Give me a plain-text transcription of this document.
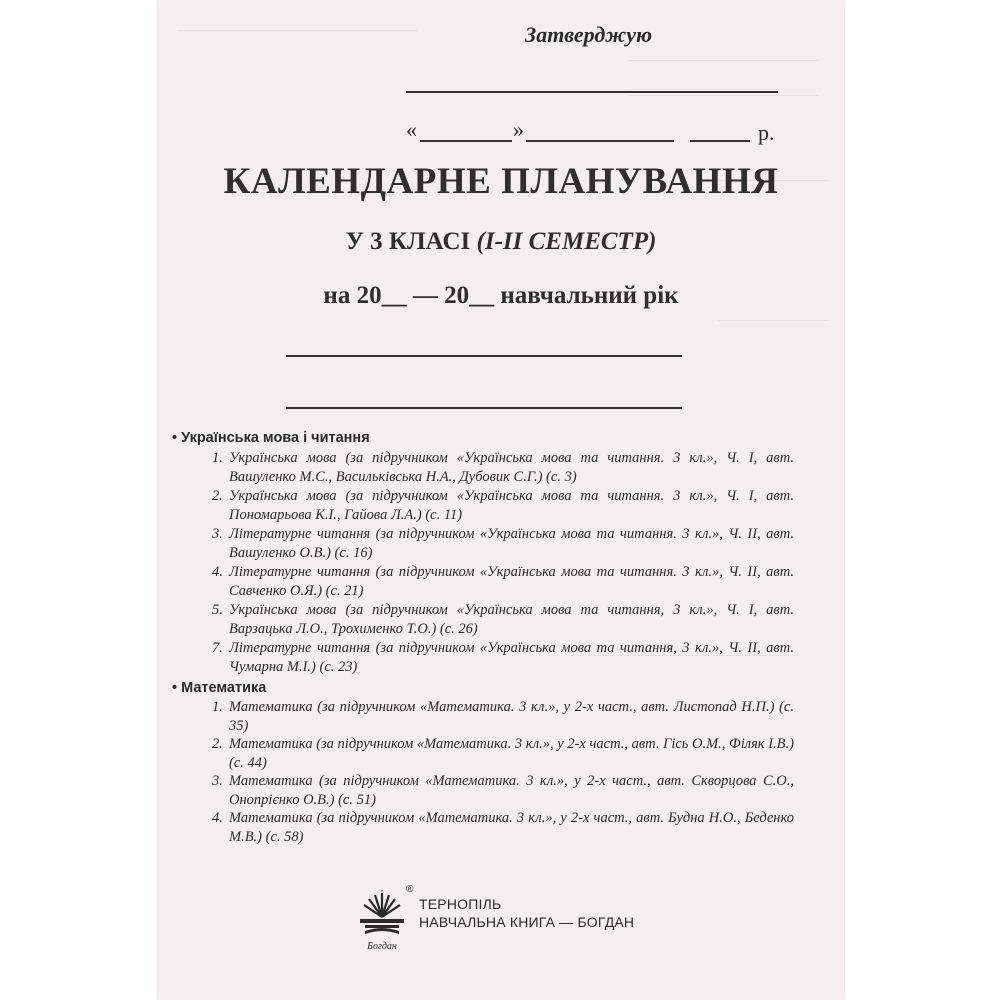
Затверджую
«	»	р.
КАЛЕНДАРНЕ ПЛАНУВАННЯ
У 3 КЛАСІ (І-ІІ СЕМЕСТР)
на 20__ — 20__ навчальний рік
• Українська мова і читання
1. Українська мова (за підручником «Українська мова та читання. 3 кл.», Ч. І, авт. Вашуленко М.С., Васильківська Н.А., Дубовик С.Г.) (с. 3)
2. Українська мова (за підручником «Українська мова та читання. 3 кл.», Ч. І, авт. Пономарьова К.І., Гайова Л.А.) (с. 11)
3. Літературне читання (за підручником «Українська мова та читання. 3 кл.», Ч. ІІ, авт. Вашуленко О.В.) (с. 16)
4. Літературне читання (за підручником «Українська мова та читання. 3 кл.», Ч. ІІ, авт. Савченко О.Я.) (с. 21)
5. Українська мова (за підручником «Українська мова та читання, 3 кл.», Ч. І, авт. Варзацька Л.О., Трохименко Т.О.) (с. 26)
7. Літературне читання (за підручником «Українська мова та читання, 3 кл.», Ч. ІІ, авт. Чумарна М.І.) (с. 23)
• Математика
1. Математика (за підручником «Математика. 3 кл.», у 2-х част., авт. Листопад Н.П.) (с. 35)
2. Математика (за підручником «Математика. 3 кл.», у 2-х част., авт. Гісь О.М., Філяк І.В.) (с. 44)
3. Математика (за підручником «Математика. 3 кл.», у 2-х част., авт. Скворцова С.О., Онопрієнко О.В.) (с. 51)
4. Математика (за підручником «Математика. 3 кл.», у 2-х част., авт. Будна Н.О., Беденко М.В.) (с. 58)
Богдан
®
ТЕРНОПІЛЬ
НАВЧАЛЬНА КНИГА — БОГДАН
